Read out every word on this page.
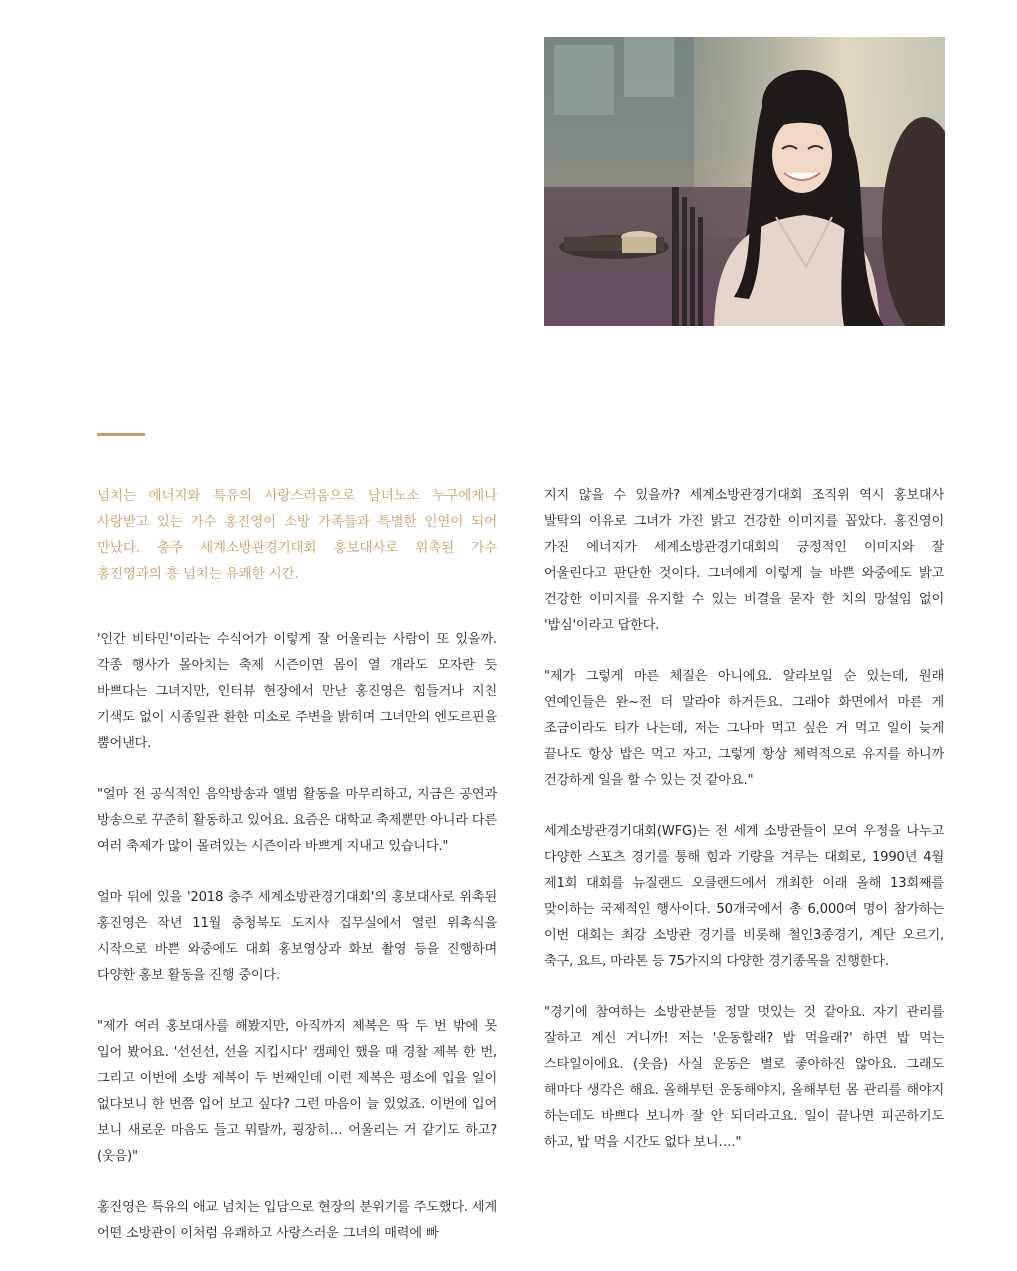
넘치는 에너지와 특유의 사랑스러움으로 남녀노소 누구에게나 사랑받고 있는 가수 홍진영이 소방 가족들과 특별한 인연이 되어 만났다. 충주 세계소방관경기대회 홍보대사로 위촉된 가수 홍진영과의 흥 넘치는 유쾌한 시간.

'인간 비타민'이라는 수식어가 이렇게 잘 어울리는 사람이 또 있을까. 각종 행사가 몰아치는 축제 시즌이면 몸이 열 개라도 모자란 듯 바쁘다는 그녀지만, 인터뷰 현장에서 만난 홍진영은 힘들거나 지친 기색도 없이 시종일관 환한 미소로 주변을 밝히며 그녀만의 엔도르핀을 뿜어낸다.

"얼마 전 공식적인 음악방송과 앨범 활동을 마무리하고, 지금은 공연과 방송으로 꾸준히 활동하고 있어요. 요즘은 대학교 축제뿐만 아니라 다른 여러 축제가 많이 몰려있는 시즌이라 바쁘게 지내고 있습니다."

얼마 뒤에 있을 '2018 충주 세계소방관경기대회'의 홍보대사로 위촉된 홍진영은 작년 11월 충청북도 도지사 집무실에서 열린 위촉식을 시작으로 바쁜 와중에도 대회 홍보영상과 화보 촬영 등을 진행하며 다양한 홍보 활동을 진행 중이다.

"제가 여러 홍보대사를 해봤지만, 아직까지 제복은 딱 두 번 밖에 못 입어 봤어요. '선선선, 선을 지킵시다' 캠페인 했을 때 경찰 제복 한 번, 그리고 이번에 소방 제복이 두 번째인데 이런 제복은 평소에 입을 일이 없다보니 한 번쯤 입어 보고 싶다? 그런 마음이 늘 있었죠. 이번에 입어 보니 새로운 마음도 들고 뭐랄까, 굉장히… 어울리는 거 같기도 하고?(웃음)"

홍진영은 특유의 애교 넘치는 입담으로 현장의 분위기를 주도했다. 세계 어떤 소방관이 이처럼 유쾌하고 사랑스러운 그녀의 매력에 빠

지지 않을 수 있을까? 세계소방관경기대회 조직위 역시 홍보대사 발탁의 이유로 그녀가 가진 밝고 건강한 이미지를 꼽았다. 홍진영이 가진 에너지가 세계소방관경기대회의 긍정적인 이미지와 잘 어울린다고 판단한 것이다. 그녀에게 이렇게 늘 바쁜 와중에도 밝고 건강한 이미지를 유지할 수 있는 비결을 묻자 한 치의 망설임 없이 '밥심'이라고 답한다.

"제가 그렇게 마른 체질은 아니에요. 알라보일 순 있는데, 원래 연예인들은 완~전 더 말라야 하거든요. 그래야 화면에서 마른 게 조금이라도 티가 나는데, 저는 그나마 먹고 싶은 거 먹고 일이 늦게 끝나도 항상 밥은 먹고 자고, 그렇게 항상 체력적으로 유지를 하니까 건강하게 일을 할 수 있는 것 같아요."

세계소방관경기대회(WFG)는 전 세계 소방관들이 모여 우정을 나누고 다양한 스포츠 경기를 통해 힘과 기량을 겨루는 대회로, 1990년 4월 제1회 대회를 뉴질랜드 오클랜드에서 개최한 이래 올해 13회째를 맞이하는 국제적인 행사이다. 50개국에서 총 6,000여 명이 참가하는 이번 대회는 최강 소방관 경기를 비롯해 철인3종경기, 계단 오르기, 축구, 요트, 마라톤 등 75가지의 다양한 경기종목을 진행한다.

"경기에 참여하는 소방관분들 정말 멋있는 것 같아요. 자기 관리를 잘하고 계신 거니까! 저는 '운동할래? 밥 먹을래?' 하면 밥 먹는 스타일이에요. (웃음) 사실 운동은 별로 좋아하진 않아요. 그래도 해마다 생각은 해요. 올해부턴 운동해야지, 올해부턴 몸 관리를 해야지 하는데도 바쁘다 보니까 잘 안 되더라고요. 일이 끝나면 피곤하기도 하고, 밥 먹을 시간도 없다 보니…."
